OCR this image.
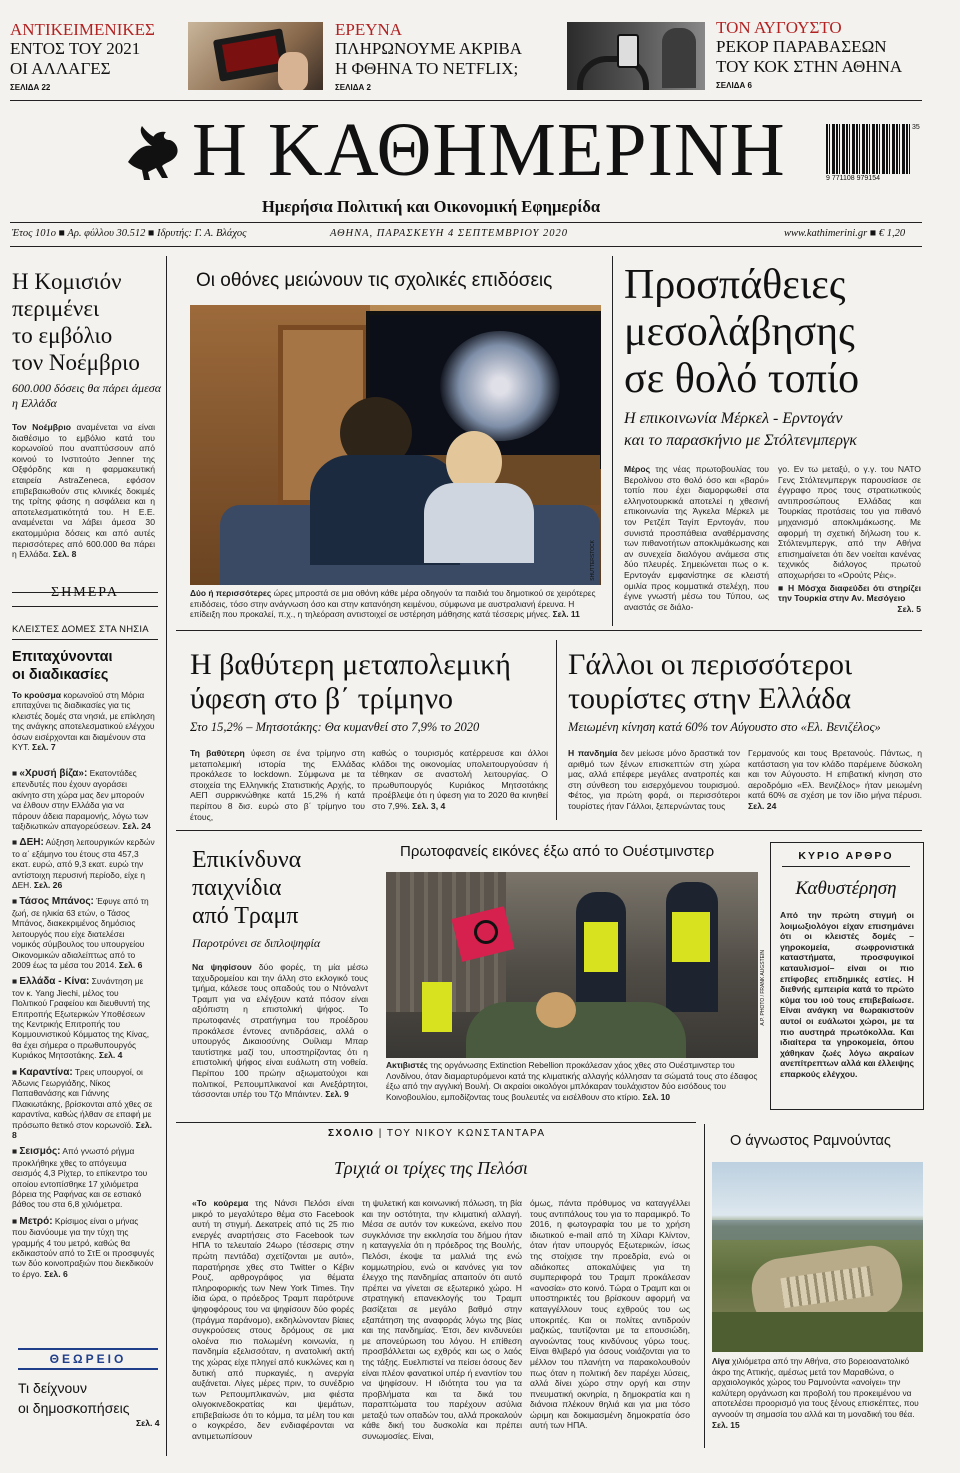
ΑΝΤΙΚΕΙΜΕΝΙΚΕΣ
ΕΝΤΟΣ ΤΟΥ 2021
ΟΙ ΑΛΛΑΓΕΣ
ΣΕΛΙΔΑ 22
ΕΡΕΥΝΑ
ΠΛΗΡΩΝΟΥΜΕ ΑΚΡΙΒΑ
Η ΦΘΗΝΑ ΤΟ NETFLIX;
ΣΕΛΙΔΑ 2
ΤΟΝ ΑΥΓΟΥΣΤΟ
ΡΕΚΟΡ ΠΑΡΑΒΑΣΕΩΝ
ΤΟΥ ΚΟΚ ΣΤΗΝ ΑΘΗΝΑ
ΣΕΛΙΔΑ 6
Η ΚΑΘΗΜΕΡΙΝΗ
Ημερήσια Πολιτική και Οικονομική Εφημερίδα
35
9 771108 979154
Έτος 101ο ■ Αρ. φύλλου 30.512 ■ Ιδρυτής: Γ. Α. Βλάχος	ΑΘΗΝΑ, ΠΑΡΑΣΚΕΥΗ 4 ΣΕΠΤΕΜΒΡΙΟΥ 2020	www.kathimerini.gr ■ € 1,20
Η Κομισιόν
περιμένει
το εμβόλιο
τον Νοέμβριο
600.000 δόσεις θα πάρει άμεσα η Ελλάδα
Τον Νοέμβριο αναμένεται να είναι διαθέσιμο το εμβόλιο κατά του κορωνοϊού που αναπτύσσουν από κοινού το Ινστιτούτο Jenner της Οξφόρδης και η φαρμακευτική εταιρεία AstraZeneca, εφόσον επιβεβαιωθούν στις κλινικές δοκιμές της τρίτης φάσης η ασφάλεια και η αποτελεσματικότητά του. Η Ε.Ε. αναμένεται να λάβει άμεσα 30 εκατομμύρια δόσεις και από αυτές περισσότερες από 600.000 θα πάρει η Ελλάδα. Σελ. 8
ΣΗΜΕΡΑ
ΚΛΕΙΣΤΕΣ ΔΟΜΕΣ ΣΤΑ ΝΗΣΙΑ
Επιταχύνονται
οι διαδικασίες
Το κρούσμα κορωνοϊού στη Μόρια επιταχύνει τις διαδικασίες για τις κλειστές δομές στα νησιά, με επίκληση της ανάγκης αποτελεσματικού ελέγχου όσων εισέρχονται και διαμένουν στα ΚΥΤ. Σελ. 7
■ «Χρυσή βίζα»: Εκατοντάδες επενδυτές που έχουν αγοράσει ακίνητο στη χώρα μας δεν μπορούν να έλθουν στην Ελλάδα για να πάρουν άδεια παραμονής, λόγω των ταξιδιωτικών απαγορεύσεων. Σελ. 24
■ ΔΕΗ: Αύξηση λειτουργικών κερδών το α΄ εξάμηνο του έτους στα 457,3 εκατ. ευρώ, από 9,3 εκατ. ευρώ την αντίστοιχη περυσινή περίοδο, είχε η ΔΕΗ. Σελ. 26
■ Τάσος Μπάνος: Έφυγε από τη ζωή, σε ηλικία 63 ετών, ο Τάσος Μπάνος, διακεκριμένος δημόσιος λειτουργός που είχε διατελέσει νομικός σύμβουλος του υπουργείου Οικονομικών αδιαλείπτως από το 2009 έως τα μέσα του 2014. Σελ. 6
■ Ελλάδα - Κίνα: Συνάντηση με τον κ. Yang Jiechi, μέλος του Πολιτικού Γραφείου και διευθυντή της Επιτροπής Εξωτερικών Υποθέσεων της Κεντρικής Επιτροπής του Κομμουνιστικού Κόμματος της Κίνας, θα έχει σήμερα ο πρωθυπουργός Κυριάκος Μητσοτάκης. Σελ. 4
■ Καραντίνα: Τρεις υπουργοί, οι Άδωνις Γεωργιάδης, Νίκος Παπαθανάσης και Γιάννης Πλακιωτάκης, βρίσκονται από χθες σε καραντίνα, καθώς ήλθαν σε επαφή με πρόσωπο θετικό στον κορωνοϊό. Σελ. 8
■ Σεισμός: Από γνωστό ρήγμα προκλήθηκε χθες το απόγευμα σεισμός 4,3 Ρίχτερ, το επίκεντρο του οποίου εντοπίσθηκε 17 χιλιόμετρα βόρεια της Ραφήνας και σε εστιακό βάθος του στα 6,8 χιλιόμετρα.
■ Μετρό: Κρίσιμος είναι ο μήνας που διανύουμε για την τύχη της γραμμής 4 του μετρό, καθώς θα εκδικαστούν από το ΣτΕ οι προσφυγές των δύο κοινοπραξιών που διεκδικούν το έργο. Σελ. 6
ΘΕΩΡΕΙΟ
Τι δείχνουν
οι δημοσκοπήσεις
Σελ. 4
Οι οθόνες μειώνουν τις σχολικές επιδόσεις
SHUTTERSTOCK
Δύο ή περισσότερες ώρες μπροστά σε μια οθόνη κάθε μέρα οδηγούν τα παιδιά του δημοτικού σε χειρότερες επιδόσεις, τόσο στην ανάγνωση όσο και στην κατανόηση κειμένου, σύμφωνα με αυστραλιανή έρευνα. Η επίδειξη που προκαλεί, π.χ., η τηλεόραση αντιστοιχεί σε υστέρηση μάθησης κατά τέσσερις μήνες. Σελ. 11
Προσπάθειες
μεσολάβησης
σε θολό τοπίο
Η επικοινωνία Μέρκελ - Ερντογάν
και το παρασκήνιο με Στόλτενμπεργκ
Μέρος της νέας πρωτοβουλίας του Βερολίνου στο θολό όσο και «βαρύ» τοπίο που έχει διαμορφωθεί στα ελληνοτουρκικά αποτελεί η χθεσινή επικοινωνία της Άγκελα Μέρκελ με τον Ρετζέπ Ταγίπ Ερντογάν, που συνιστά προσπάθεια αναθέρμανσης των πιθανοτήτων αποκλιμάκωσης και αν συνεχεία διαλόγου ανάμεσα στις δύο πλευρές. Σημειώνεται πως ο κ. Ερντογάν εμφανίστηκε σε κλειστή ομιλία προς κομματικά στελέχη, που έγινε γνωστή μέσω του Τύπου, ως αναστάς σε διάλο-
γο. Εν τω μεταξύ, ο γ.γ. του ΝΑΤΟ Γενς Στόλτενμπεργκ παρουσίασε σε έγγραφο προς τους στρατιωτικούς αντιπροσώπους Ελλάδας και Τουρκίας προτάσεις του για πιθανό μηχανισμό αποκλιμάκωσης. Με αφορμή τη σχετική δήλωση του κ. Στόλτενμπεργκ, από την Αθήνα επισημαίνεται ότι δεν νοείται κανένας τεχνικός διάλογος πρωτού αποχωρήσει το «Ορούτς Ρέις».
■ Η Μόσχα διαφεύδει ότι στηρίζει την Τουρκία στην Αν. Μεσόγειο
Σελ. 5
Η βαθύτερη μεταπολεμική
ύφεση στο β΄ τρίμηνο
Στο 15,2% – Μητσοτάκης: Θα κυμανθεί στο 7,9% το 2020
Τη βαθύτερη ύφεση σε ένα τρίμηνο στη μεταπολεμική ιστορία της Ελλάδας προκάλεσε το lockdown. Σύμφωνα με τα στοιχεία της Ελληνικής Στατιστικής Αρχής, το ΑΕΠ συρρικνώθηκε κατά 15,2% ή κατά περίπου 8 δισ. ευρώ στο β΄ τρίμηνο του έτους,
καθώς ο τουρισμός κατέρρευσε και άλλοι κλάδοι της οικονομίας υπολειτουργούσαν ή τέθηκαν σε αναστολή λειτουργίας. Ο πρωθυπουργός Κυριάκος Μητσοτάκης προέβλεψε ότι η ύφεση για το 2020 θα κινηθεί στο 7,9%. Σελ. 3, 4
Γάλλοι οι περισσότεροι
τουρίστες στην Ελλάδα
Μειωμένη κίνηση κατά 60% τον Αύγουστο στο «Ελ. Βενιζέλος»
Η πανδημία δεν μείωσε μόνο δραστικά τον αριθμό των ξένων επισκεπτών στη χώρα μας, αλλά επέφερε μεγάλες ανατροπές και στη σύνθεση του εισερχόμενου τουρισμού. Φέτος, για πρώτη φορά, οι περισσότεροι τουρίστες ήταν Γάλλοι, ξεπερνώντας τους
Γερμανούς και τους Βρετανούς. Πάντως, η κατάσταση για τον κλάδο παρέμεινε δύσκολη και τον Αύγουστο. Η επιβατική κίνηση στο αεροδρόμιο «Ελ. Βενιζέλος» ήταν μειωμένη κατά 60% σε σχέση με τον ίδιο μήνα πέρυσι. Σελ. 24
Επικίνδυνα
παιχνίδια
από Τραμπ
Παροτρύνει σε διπλοψηφία
Να ψηφίσουν δύο φορές, τη μία μέσω ταχυδρομείου και την άλλη στο εκλογικό τους τμήμα, κάλεσε τους οπαδούς του ο Ντόναλντ Τραμπ για να ελέγξουν κατά πόσον είναι αξιόπιστη η επιστολική ψήφος. Το πρωτοφανές στρατήγημα του προέδρου προκάλεσε έντονες αντιδράσεις, αλλά ο υπουργός Δικαιοσύνης Ουίλιαμ Μπαρ ταυτίστηκε μαζί του, υποστηρίζοντας ότι η επιστολική ψήφος είναι ευάλωτη στη νοθεία. Περίπου 100 πρώην αξιωματούχοι και πολιτικοί, Ρεπουμπλικανοί και Ανεξάρτητοι, τάσσονται υπέρ του Τζο Μπάιντεν. Σελ. 9
Πρωτοφανείς εικόνες έξω από το Ουέστμινστερ
A.P. PHOTO / FRANK AUGSTEIN
Ακτιβιστές της οργάνωσης Extinction Rebellion προκάλεσαν χάος χθες στο Ουέστμινστερ του Λονδίνου, όταν διαμαρτυρόμενοι κατά της κλιματικής αλλαγής κόλλησαν τα σώματά τους στο έδαφος έξω από την αγγλική Βουλή. Οι ακραίοι οικολόγοι μπλόκαραν τουλάχιστον δύο εισόδους του Κοινοβουλίου, εμποδίζοντας τους βουλευτές να εισέλθουν στο κτίριο. Σελ. 10
ΚΥΡΙΟ ΑΡΘΡΟ
Καθυστέρηση
Από την πρώτη στιγμή οι λοιμωξιολόγοι είχαν επισημάνει ότι οι κλειστές δομές –γηροκομεία, σωφρονιστικά καταστήματα, προσφυγικοί καταυλισμοί– είναι οι πιο επίφοβες επιδημικές εστίες. Η διεθνής εμπειρία κατά το πρώτο κύμα του ιού τους επιβεβαίωσε. Είναι ανάγκη να θωρακιστούν αυτοί οι ευάλωτοι χώροι, με τα πιο αυστηρά πρωτόκολλα. Και ιδιαίτερα τα γηροκομεία, όπου χάθηκαν ζωές λόγω ακραίων ανεπίτρεπτων αλλά και έλλειψης επαρκούς ελέγχου.
ΣΧΟΛΙΟ | ΤΟΥ ΝΙΚΟΥ ΚΩΝΣΤΑΝΤΑΡΑ
Τριχιά οι τρίχες της Πελόσι
«Το κούρεμα της Νάνσι Πελόσι είναι μικρό το μεγαλύτερο θέμα στο Facebook αυτή τη στιγμή. Δεκατρείς από τις 25 πιο ενεργές αναρτήσεις στο Facebook των ΗΠΑ το τελευταίο 24ωρο (τέσσερις στην πρώτη πεντάδα) σχετίζονται με αυτό», παρατήρησε χθες στο Twitter ο Κέβιν Ρουζ, αρθρογράφος για θέματα πληροφορικής των New York Times. Την ίδια ώρα, ο πρόεδρος Τραμπ παρότρυνε ψηφοφόρους του να ψηφίσουν δύο φορές (πράγμα παράνομο), εκδηλώνονταν βίαιες συγκρούσεις στους δρόμους σε μια ολοένα πιο πολωμένη κοινωνία, η πανδημία εξελισσόταν, η ανατολική ακτή της χώρας είχε πληγεί από κυκλώνες και η δυτική από πυρκαγιές, η ανεργία αυξάνεται. Λίγες μέρες πριν, το συνέδριο των Ρεπουμπλικανών, μια φιέστα ολιγοκινεδοκρατίας και ψεμάτων, επιβεβαίωσε ότι το κόμμα, τα μέλη του και ο κογκρέσο, δεν ενδιαφέρονται να αντιμετωπίσουν
τη ψυλετική και κοινωνική πόλωση, τη βία και την οστότητα, την κλιματική αλλαγή. Μέσα σε αυτόν τον κυκεώνα, εκείνο που συγκλόνισε την εκκλησία του δήμου ήταν η καταγγελία ότι η πρόεδρος της Βουλής, Πελόσι, έκοψε τα μαλλιά της ενώ κομμωτηρίου, ενώ οι κανόνες για τον έλεγχο της πανδημίας απαιτούν ότι αυτό πρέπει να γίνεται σε εξωτερικό χώρο. Η στρατηγική επανεκλογής του Τραμπ βασίζεται σε μεγάλο βαθμό στην εξαπάτηση της αναφοράς λόγω της βίας και της πανδημίας. Έτσι, δεν κινδυνεύει με απονεύρωση του λόγου. Η επίθεση προσβάλλεται ως εχθρός και ως ο λαός της τάξης. Ευελπιστεί να πείσει όσους δεν είναι πλέον φανατικοί υπέρ ή εναντίον του να ψηφίσουν. Η ιδιότητα του για τα προβλήματα και τα δικά του παραπτώματα του παρέχουν ασύλια μεταξύ των οπαδών του, αλλά προκαλούν κάθε δική του δυσκολία και πρέπει συνωμοσίες. Είναι,
όμως, πάντα πρόθυμος να καταγγέλλει τους αντιπάλους του για το παραμικρό. Το 2016, η φωτογραφία του με το χρήση ιδιωτικού e-mail από τη Χίλαρι Κλίντον, όταν ήταν υπουργός Εξωτερικών, ίσως της στοίχισε την προεδρία, ενώ οι αδιάκοπες αποκαλύψεις για τη συμπεριφορά του Τραμπ προκάλεσαν «ανοσία» στο κοινό. Τώρα ο Τραμπ και οι υποστηρικτές του βρίσκουν αφορμή να καταγγέλλουν τους εχθρούς του ως υποκριτές. Και οι πολίτες αντιδρούν μαζικώς, ταυτίζονται με τα επουσιώδη, αγνοώντας τους κινδύνους γύρω τους. Είναι θλιβερό για όσους νοιάζονται για το μέλλον του πλανήτη να παρακολουθούν πως όταν η πολιτική δεν παρέχει λύσεις, αλλά δίνει χώρο στην οργή και στην πνευματική οκνηρία, η δημοκρατία και η διάνοια πλέκουν θηλιά και για μια τόσο ώριμη και δοκιμασμένη δημοκρατία όσο αυτή των ΗΠΑ.
Ο άγνωστος Ραμνούντας
Λίγα χιλιόμετρα από την Αθήνα, στο βορειοανατολικό άκρο της Αττικής, αμέσως μετά τον Μαραθώνα, ο αρχαιολογικός χώρος του Ραμνούντα «ανοίγει» την καλύτερη οργάνωση και προβολή του προκειμένου να αποτελέσει προορισμό για τους ξένους επισκέπτες, που αγνοούν τη σημασία του αλλά και τη μοναδική του θέα. Σελ. 15
